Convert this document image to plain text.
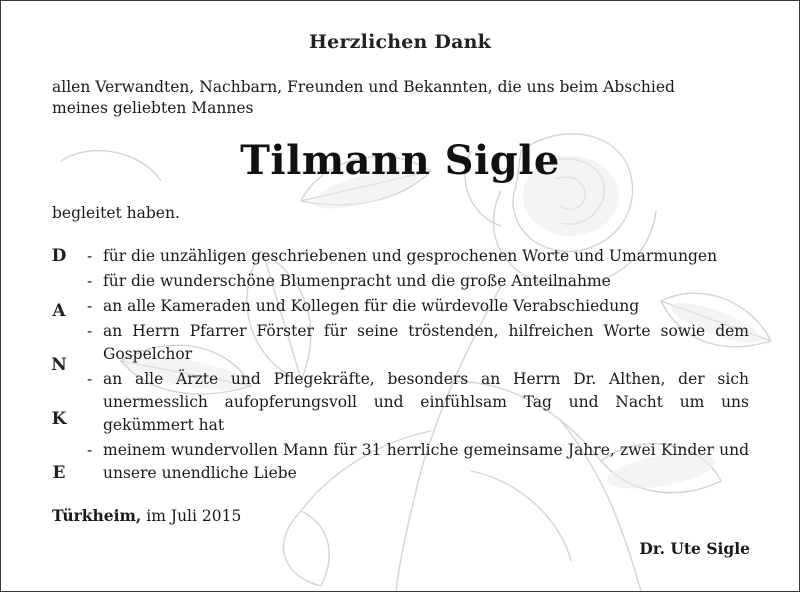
Herzlichen Dank
allen Verwandten, Nachbarn, Freunden und Bekannten, die uns beim Abschied
meines geliebten Mannes
Tilmann Sigle
begleitet haben.
D
A
N
K
E
- für die unzähligen geschriebenen und gesprochenen Worte und Umarmungen
- für die wunderschöne Blumenpracht und die große Anteilnahme
- an alle Kameraden und Kollegen für die würdevolle Verabschiedung
- an Herrn Pfarrer Förster für seine tröstenden, hilfreichen Worte sowie dem Gospelchor
- an alle Ärzte und Pflegekräfte, besonders an Herrn Dr. Althen, der sich unermesslich aufopferungsvoll und einfühlsam Tag und Nacht um uns gekümmert hat
- meinem wundervollen Mann für 31 herrliche gemeinsame Jahre, zwei Kinder und unsere unendliche Liebe
Türkheim, im Juli 2015
Dr. Ute Sigle
